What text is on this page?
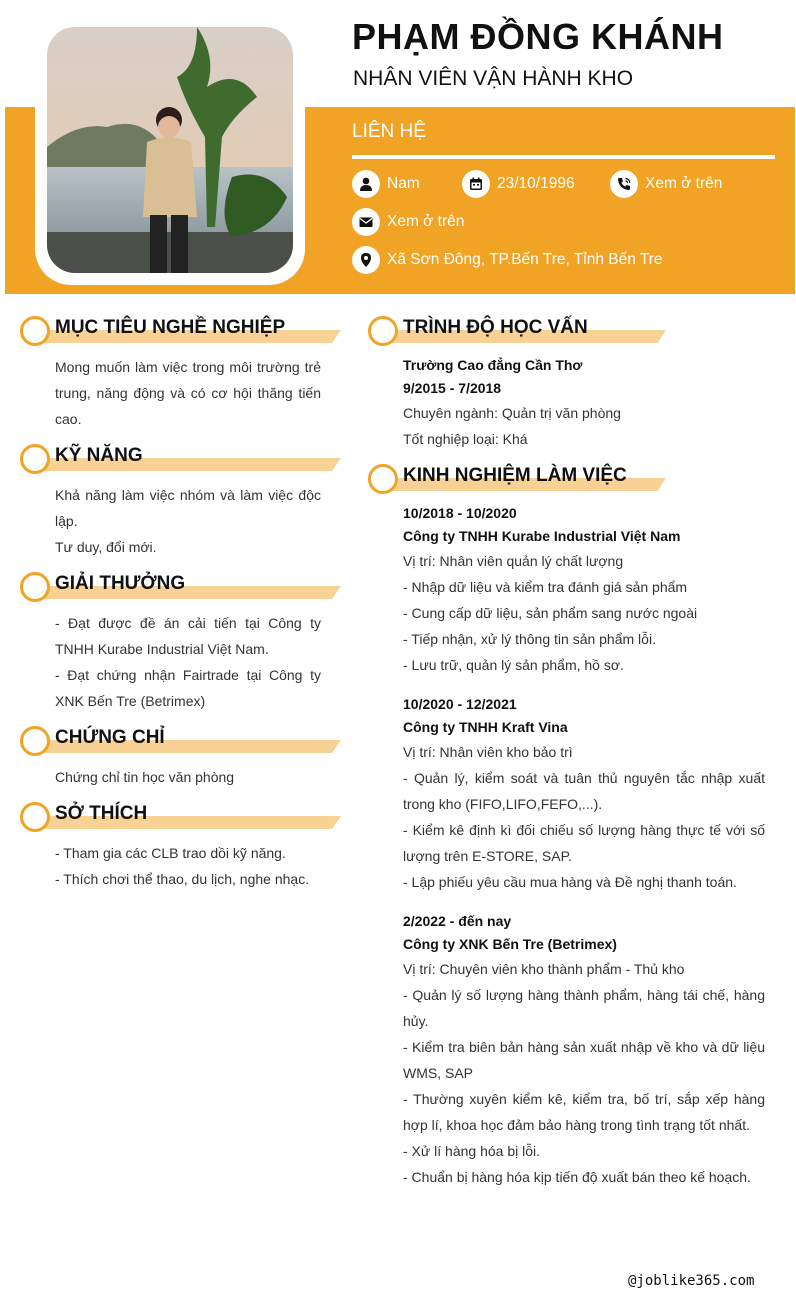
PHẠM ĐỒNG KHÁNH
NHÂN VIÊN VẬN HÀNH KHO
LIÊN HỆ
Nam	23/10/1996	Xem ở trên
Xem ở trên
Xã Sơn Đông, TP.Bến Tre, Tỉnh Bến Tre
MỤC TIÊU NGHỀ NGHIỆP

Mong muốn làm việc trong môi trường trẻ trung, năng động và có cơ hội thăng tiến cao.

KỸ NĂNG

Khả năng làm việc nhóm và làm việc độc lập.

Tư duy, đổi mới.

GIẢI THƯỞNG

- Đạt được đề án cải tiến tại Công ty TNHH Kurabe Industrial Việt Nam.

- Đạt chứng nhận Fairtrade tại Công ty XNK Bến Tre (Betrimex)

CHỨNG CHỈ

Chứng chỉ tin học văn phòng

SỞ THÍCH

- Tham gia các CLB trao dồi kỹ năng.

- Thích chơi thể thao, du lịch, nghe nhạc.

TRÌNH ĐỘ HỌC VẤN

Trường Cao đẳng Cần Thơ

9/2015 - 7/2018

Chuyên ngành: Quản trị văn phòng

Tốt nghiệp loại: Khá

KINH NGHIỆM LÀM VIỆC

10/2018 - 10/2020

Công ty TNHH Kurabe Industrial Việt Nam

Vị trí: Nhân viên quản lý chất lượng

- Nhập dữ liệu và kiểm tra đánh giá sản phẩm

- Cung cấp dữ liệu, sản phẩm sang nước ngoài

- Tiếp nhận, xử lý thông tin sản phẩm lỗi.

- Lưu trữ, quản lý sản phẩm, hồ sơ.

10/2020 - 12/2021

Công ty TNHH Kraft Vina

Vị trí: Nhân viên kho bảo trì

- Quản lý, kiểm soát và tuân thủ nguyên tắc nhập xuất trong kho (FIFO,LIFO,FEFO,...).

- Kiểm kê định kì đối chiếu số lượng hàng thực tế với số lượng trên E-STORE, SAP.

- Lập phiếu yêu cầu mua hàng và Đề nghị thanh toán.

2/2022 - đến nay

Công ty XNK Bến Tre (Betrimex)

Vị trí: Chuyên viên kho thành phẩm - Thủ kho

- Quản lý số lượng hàng thành phẩm, hàng tái chế, hàng hủy.

- Kiểm tra biên bản hàng sản xuất nhập về kho và dữ liệu WMS, SAP

- Thường xuyên kiểm kê, kiểm tra, bố trí, sắp xếp hàng hợp lí, khoa học đảm bảo hàng trong tình trạng tốt nhất.

- Xử lí hàng hóa bị lỗi.

- Chuẩn bị hàng hóa kịp tiến độ xuất bán theo kế hoạch.

@joblike365.com
